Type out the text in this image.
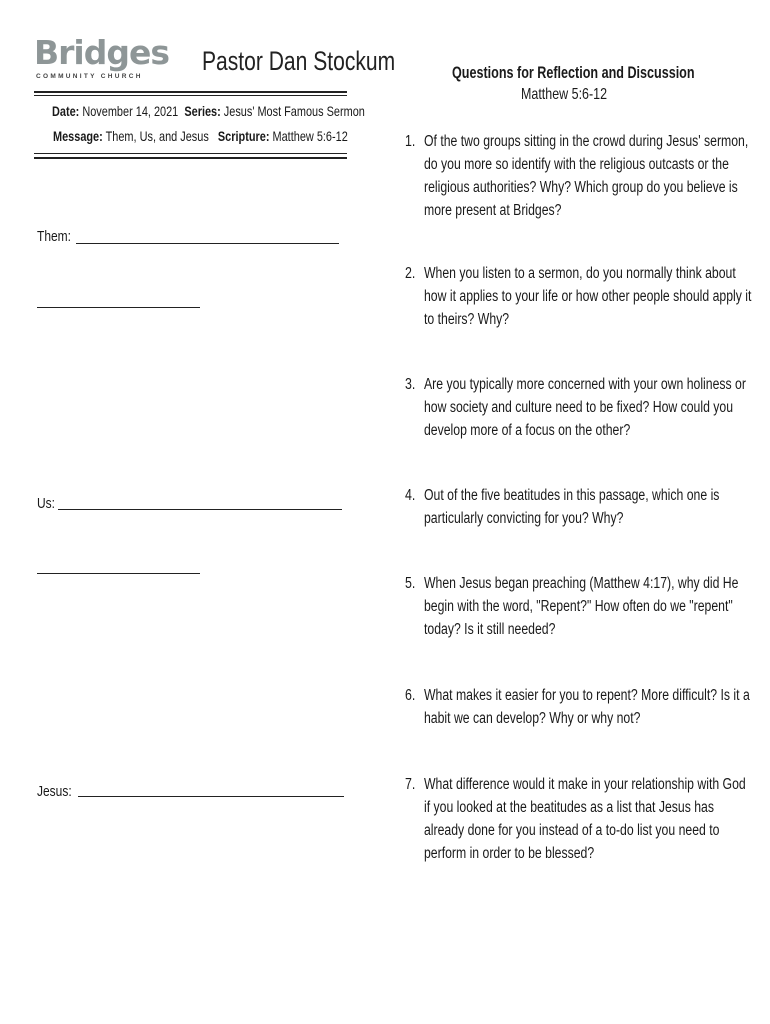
Bridges
COMMUNITY CHURCH
Pastor Dan Stockum
Date: November 14, 2021 Series: Jesus' Most Famous Sermon
Message: Them, Us, and Jesus Scripture: Matthew 5:6-12
Them:
Us:
Jesus:
Questions for Reflection and Discussion
Matthew 5:6-12
1. Of the two groups sitting in the crowd during Jesus' sermon, do you more so identify with the religious outcasts or the religious authorities? Why? Which group do you believe is more present at Bridges?
2. When you listen to a sermon, do you normally think about how it applies to your life or how other people should apply it to theirs? Why?
3. Are you typically more concerned with your own holiness or how society and culture need to be fixed? How could you develop more of a focus on the other?
4. Out of the five beatitudes in this passage, which one is particularly convicting for you? Why?
5. When Jesus began preaching (Matthew 4:17), why did He begin with the word, "Repent?" How often do we "repent" today? Is it still needed?
6. What makes it easier for you to repent? More difficult? Is it a habit we can develop? Why or why not?
7. What difference would it make in your relationship with God if you looked at the beatitudes as a list that Jesus has already done for you instead of a to-do list you need to perform in order to be blessed?
